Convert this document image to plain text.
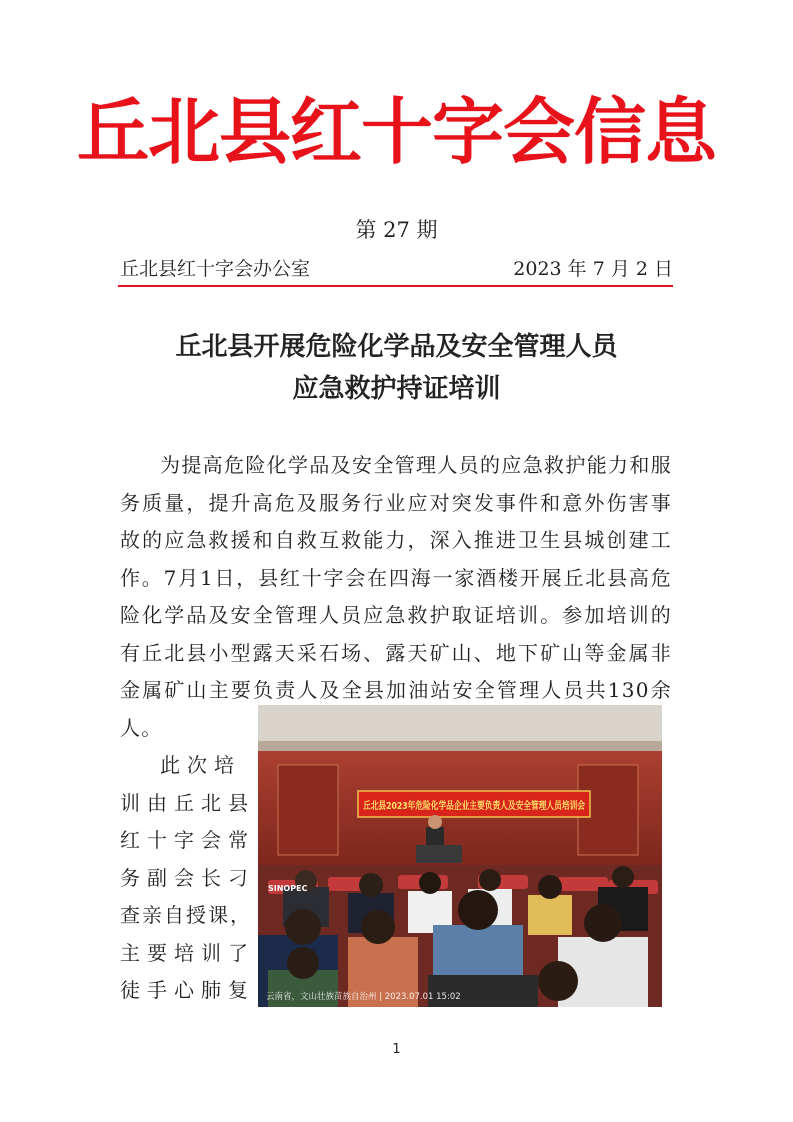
丘北县红十字会信息
第 27 期
丘北县红十字会办公室	2023 年 7 月 2 日
丘北县开展危险化学品及安全管理人员
应急救护持证培训

为提高危险化学品及安全管理人员的应急救护能力和服务质量，提升高危及服务行业应对突发事件和意外伤害事故的应急救援和自救互救能力，深入推进卫生县城创建工作。7月1日，县红十字会在四海一家酒楼开展丘北县高危险化学品及安全管理人员应急救护取证培训。参加培训的有丘北县小型露天采石场、露天矿山、地下矿山等金属非金属矿山主要负责人及全县加油站安全管理人员共130余人。

此次培
训由丘北县
红十字会常
务副会长刁
查亲自授课，
主要培训了
徒手心肺复
丘北县2023年危险化学品企业主要负责人及安全管理人员培训会
SINOPEC
云南省，文山壮族苗族自治州 | 2023.07.01 15:02
1
